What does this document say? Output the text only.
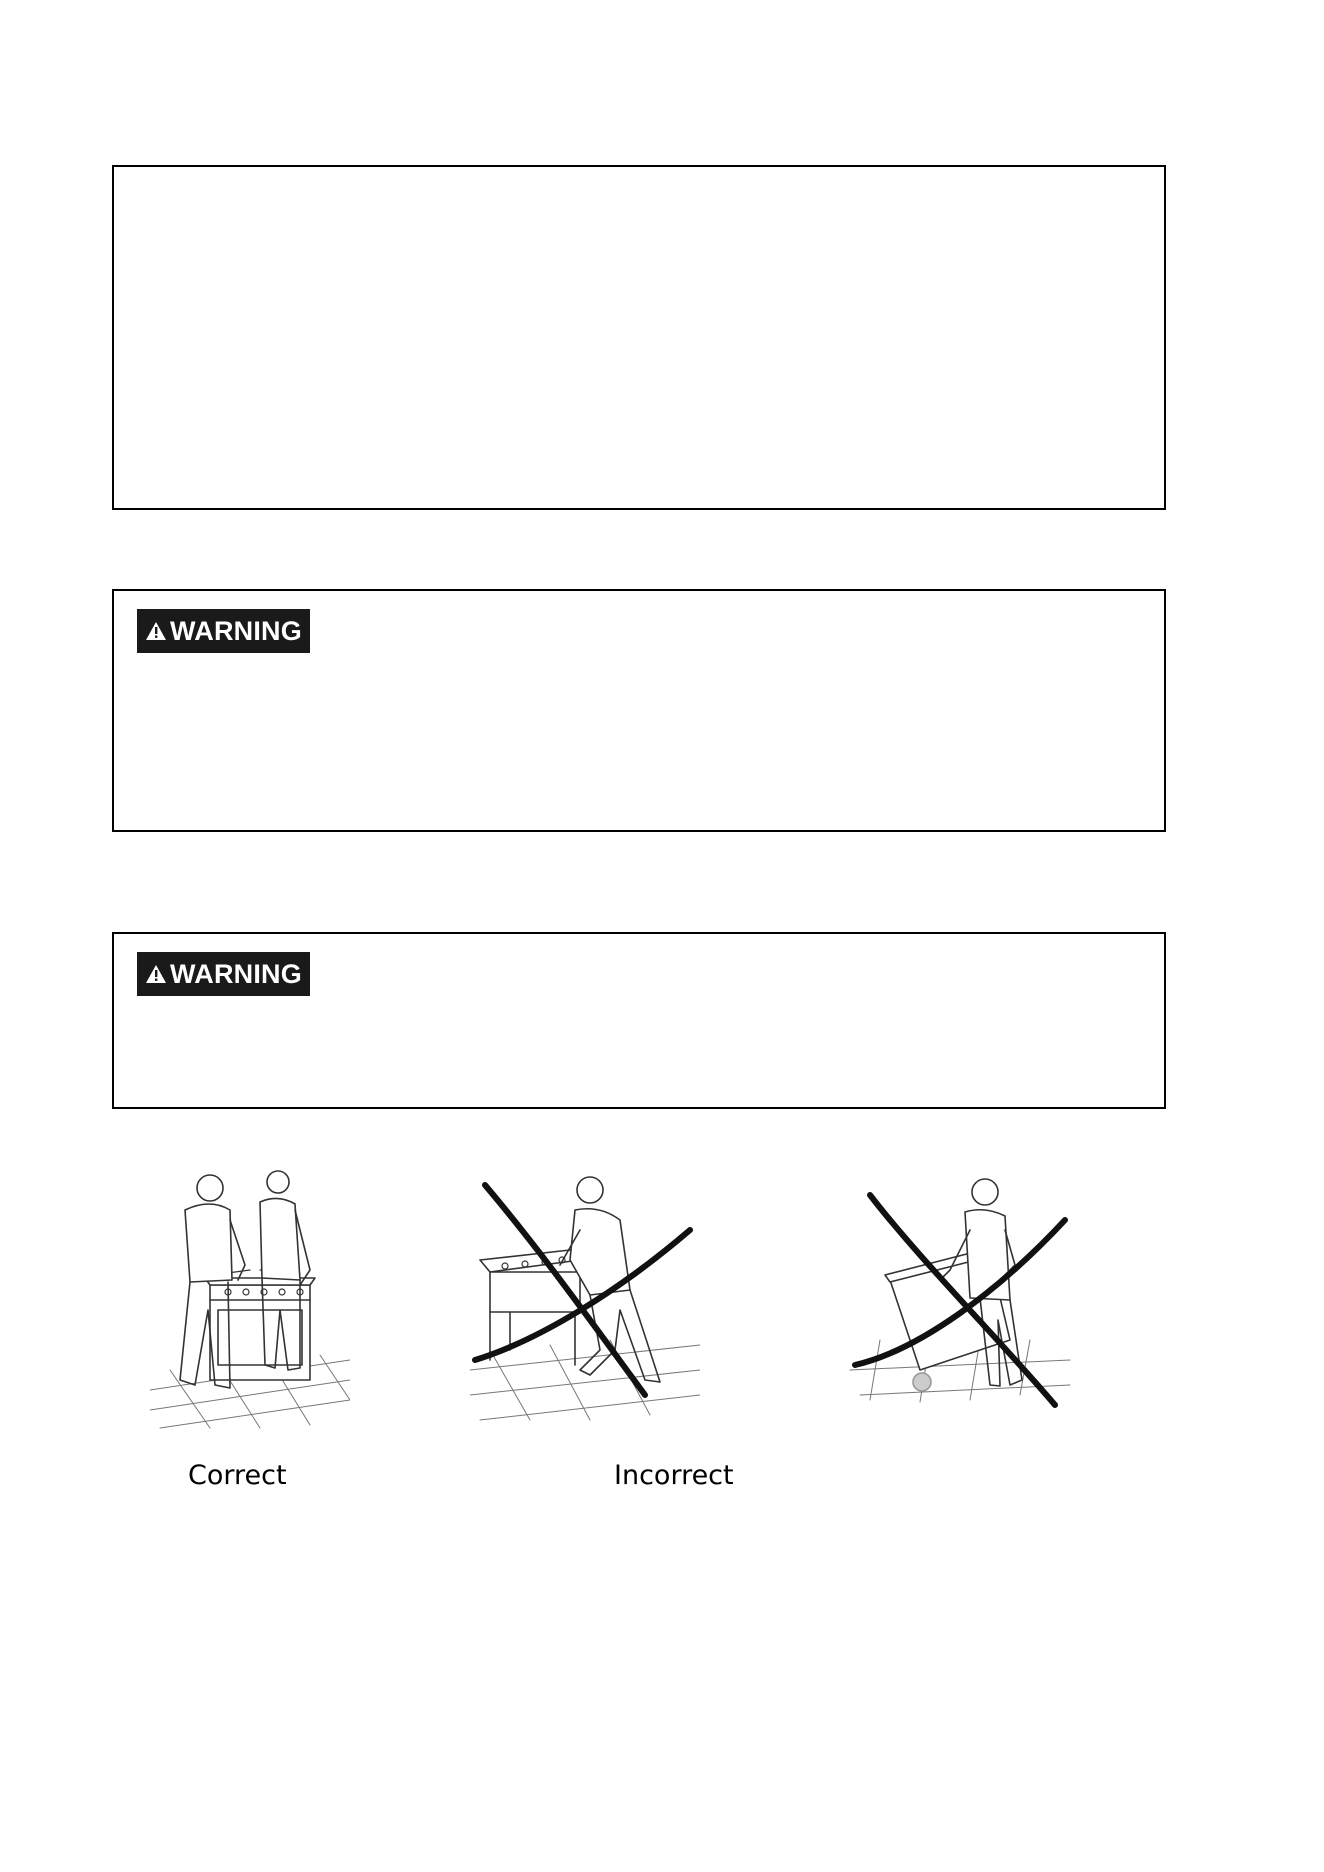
WARNING
WARNING
Correct	Incorrect
